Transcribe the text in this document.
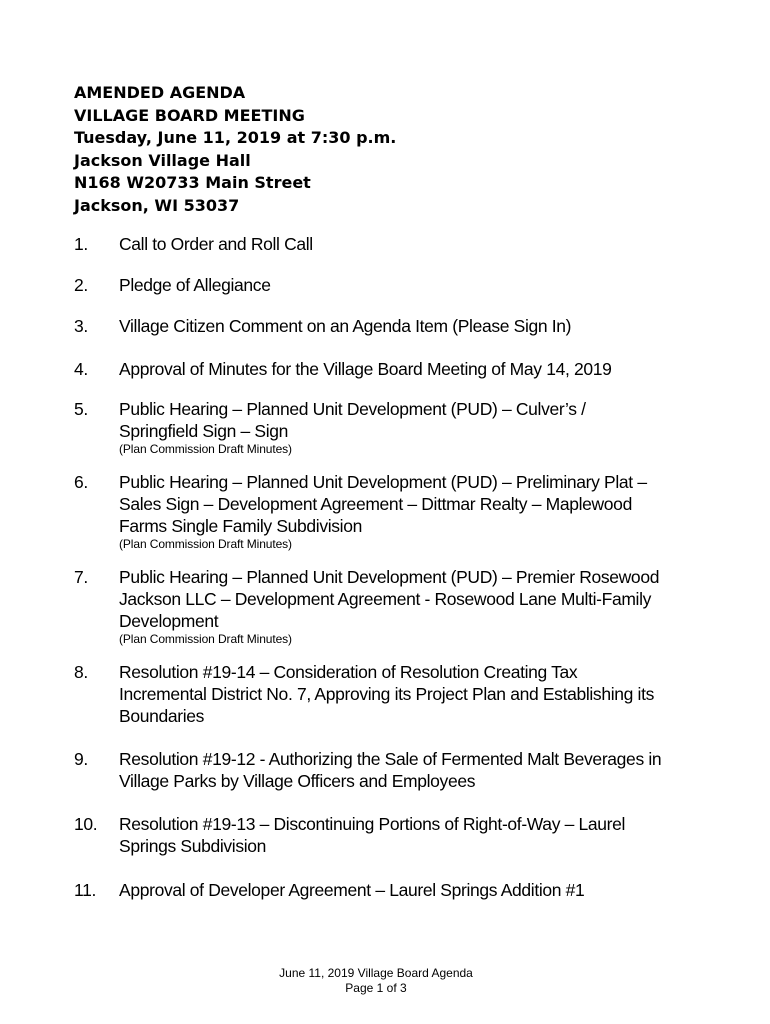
AMENDED AGENDA
VILLAGE BOARD MEETING
Tuesday, June 11, 2019 at 7:30 p.m.
Jackson Village Hall
N168 W20733 Main Street
Jackson, WI 53037
1. Call to Order and Roll Call
2. Pledge of Allegiance
3. Village Citizen Comment on an Agenda Item (Please Sign In)
4. Approval of Minutes for the Village Board Meeting of May 14, 2019
5. Public Hearing – Planned Unit Development (PUD) – Culver’s / Springfield Sign – Sign
(Plan Commission Draft Minutes)
6. Public Hearing – Planned Unit Development (PUD) – Preliminary Plat – Sales Sign – Development Agreement – Dittmar Realty – Maplewood Farms Single Family Subdivision
(Plan Commission Draft Minutes)
7. Public Hearing – Planned Unit Development (PUD) – Premier Rosewood Jackson LLC – Development Agreement - Rosewood Lane Multi-Family Development
(Plan Commission Draft Minutes)
8. Resolution #19-14 – Consideration of Resolution Creating Tax Incremental District No. 7, Approving its Project Plan and Establishing its Boundaries
9. Resolution #19-12 - Authorizing the Sale of Fermented Malt Beverages in Village Parks by Village Officers and Employees
10. Resolution #19-13 – Discontinuing Portions of Right-of-Way – Laurel Springs Subdivision
11. Approval of Developer Agreement – Laurel Springs Addition #1
June 11, 2019 Village Board Agenda
Page 1 of 3
